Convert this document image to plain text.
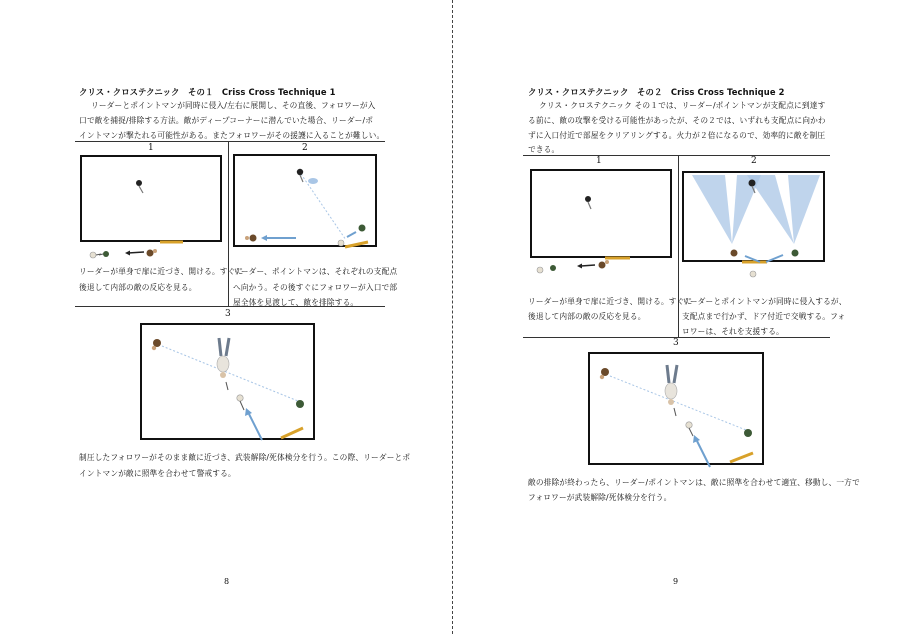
クリス・クロステクニック　その１　Criss Cross Technique 1
リーダーとポイントマンが同時に侵入/左右に展開し、その直後、フォロワーが入
口で敵を捕捉/排除する方法。敵がディープコーナーに潜んでいた場合、リーダー/ポ
イントマンが撃たれる可能性がある。またフォロワーがその援護に入ることが難しい。
1	2
3
リーダーが単身で扉に近づき、開ける。すぐに
後退して内部の敵の反応を見る。
リーダー、ポイントマンは、それぞれの支配点
へ向かう。その後すぐにフォロワーが入口で部
屋全体を見渡して、敵を排除する。
制圧したフォロワーがそのまま敵に近づき、武装解除/死体検分を行う。この際、リーダーとポ
イントマンが敵に照準を合わせて警戒する。
8
クリス・クロステクニック　その２　Criss Cross Technique 2
クリス・クロステクニック その１では、リーダー/ポイントマンが支配点に到達す
る前に、敵の攻撃を受ける可能性があったが、その２では、いずれも支配点に向かわ
ずに入口付近で部屋をクリアリングする。火力が２倍になるので、効率的に敵を制圧
できる。
1	2
3
リーダーが単身で扉に近づき、開ける。すぐに
後退して内部の敵の反応を見る。
リーダーとポイントマンが同時に侵入するが、
支配点まで行かず、ドア付近で交戦する。フォ
ロワーは、それを支援する。
敵の排除が終わったら、リーダー/ポイントマンは、敵に照準を合わせて適宜、移動し、一方で
フォロワーが武装解除/死体検分を行う。
9
